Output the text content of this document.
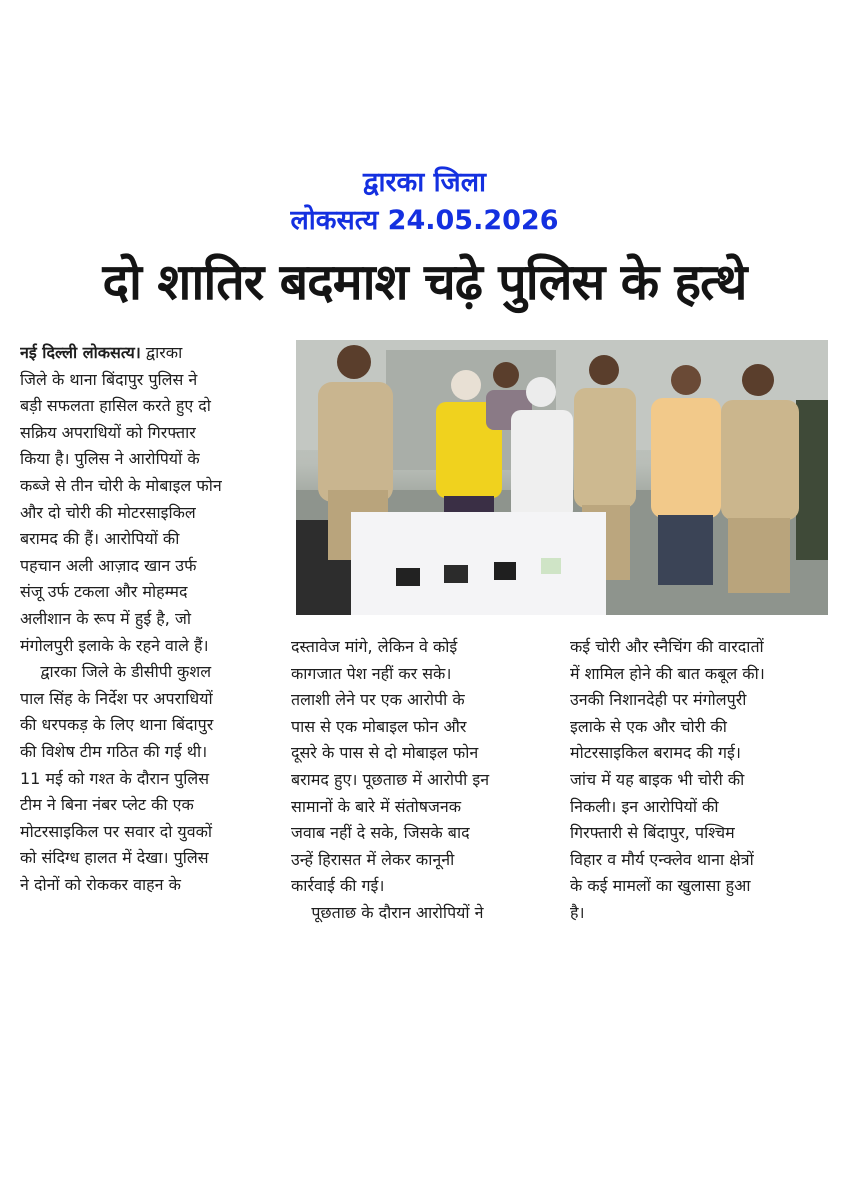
द्वारका जिला
लोकसत्य 24.05.2026
दो शातिर बदमाश चढ़े पुलिस के हत्थे
नई दिल्ली लोकसत्य। द्वारका
जिले के थाना बिंदापुर पुलिस ने
बड़ी सफलता हासिल करते हुए दो
सक्रिय अपराधियों को गिरफ्तार
किया है। पुलिस ने आरोपियों के
कब्जे से तीन चोरी के मोबाइल फोन
और दो चोरी की मोटरसाइकिल
बरामद की हैं। आरोपियों की
पहचान अली आज़ाद खान उर्फ
संजू उर्फ टकला और मोहम्मद
अलीशान के रूप में हुई है, जो
मंगोलपुरी इलाके के रहने वाले हैं।
द्वारका जिले के डीसीपी कुशल
पाल सिंह के निर्देश पर अपराधियों
की धरपकड़ के लिए थाना बिंदापुर
की विशेष टीम गठित की गई थी।
11 मई को गश्त के दौरान पुलिस
टीम ने बिना नंबर प्लेट की एक
मोटरसाइकिल पर सवार दो युवकों
को संदिग्ध हालत में देखा। पुलिस
ने दोनों को रोककर वाहन के
दस्तावेज मांगे, लेकिन वे कोई
कागजात पेश नहीं कर सके।
तलाशी लेने पर एक आरोपी के
पास से एक मोबाइल फोन और
दूसरे के पास से दो मोबाइल फोन
बरामद हुए। पूछताछ में आरोपी इन
सामानों के बारे में संतोषजनक
जवाब नहीं दे सके, जिसके बाद
उन्हें हिरासत में लेकर कानूनी
कार्रवाई की गई।
पूछताछ के दौरान आरोपियों ने
कई चोरी और स्नैचिंग की वारदातों
में शामिल होने की बात कबूल की।
उनकी निशानदेही पर मंगोलपुरी
इलाके से एक और चोरी की
मोटरसाइकिल बरामद की गई।
जांच में यह बाइक भी चोरी की
निकली। इन आरोपियों की
गिरफ्तारी से बिंदापुर, पश्चिम
विहार व मौर्य एन्क्लेव थाना क्षेत्रों
के कई मामलों का खुलासा हुआ
है।
